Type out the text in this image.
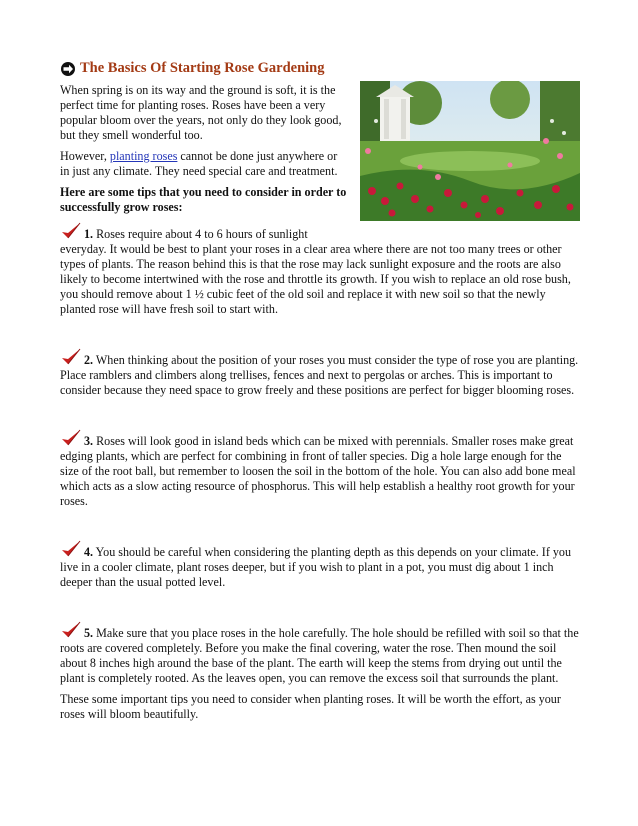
The Basics Of Starting Rose Gardening

When spring is on its way and the ground is soft, it is the perfect time for planting roses. Roses have been a very popular bloom over the years, not only do they look good, but they smell wonderful too.

However, planting roses cannot be done just anywhere or in just any climate. They need special care and treatment.

Here are some tips that you need to consider in order to successfully grow roses:

1. Roses require about 4 to 6 hours of sunlight everyday. It would be best to plant your roses in a clear area where there are not too many trees or other types of plants. The reason behind this is that the rose may lack sunlight exposure and the roots are also likely to become intertwined with the rose and throttle its growth. If you wish to replace an old rose bush, you should remove about 1 ½ cubic feet of the old soil and replace it with new soil so that the newly planted rose will have fresh soil to start with.

2. When thinking about the position of your roses you must consider the type of rose you are planting. Place ramblers and climbers along trellises, fences and next to pergolas or arches. This is important to consider because they need space to grow freely and these positions are perfect for bigger blooming roses.

3. Roses will look good in island beds which can be mixed with perennials. Smaller roses make great edging plants, which are perfect for combining in front of taller species. Dig a hole large enough for the size of the root ball, but remember to loosen the soil in the bottom of the hole. You can also add bone meal which acts as a slow acting resource of phosphorus. This will help establish a healthy root growth for your roses.

4. You should be careful when considering the planting depth as this depends on your climate. If you live in a cooler climate, plant roses deeper, but if you wish to plant in a pot, you must dig about 1 inch deeper than the usual potted level.

5. Make sure that you place roses in the hole carefully. The hole should be refilled with soil so that the roots are covered completely. Before you make the final covering, water the rose. Then mound the soil about 8 inches high around the base of the plant. The earth will keep the stems from drying out until the plant is completely rooted. As the leaves open, you can remove the excess soil that surrounds the plant.

These some important tips you need to consider when planting roses. It will be worth the effort, as your roses will bloom beautifully.
